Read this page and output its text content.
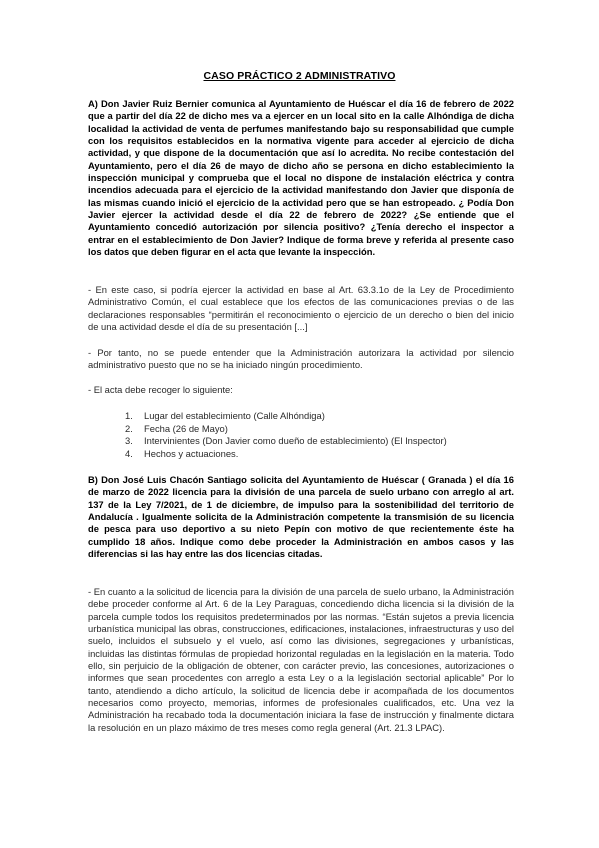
CASO PRÁCTICO 2 ADMINISTRATIVO

A) Don Javier Ruiz Bernier comunica al Ayuntamiento de Huéscar el día 16 de febrero de 2022 que a partir del día 22 de dicho mes va a ejercer en un local sito en la calle Alhóndiga de dicha localidad la actividad de venta de perfumes manifestando bajo su responsabilidad que cumple con los requisitos establecidos en la normativa vigente para acceder al ejercicio de dicha actividad, y que dispone de la documentación que así lo acredita. No recibe contestación del Ayuntamiento, pero el día 26 de mayo de dicho año se persona en dicho establecimiento la inspección municipal y comprueba que el local no dispone de instalación eléctrica y contra incendios adecuada para el ejercicio de la actividad manifestando don Javier que disponía de las mismas cuando inició el ejercicio de la actividad pero que se han estropeado. ¿ Podía Don Javier ejercer la actividad desde el día 22 de febrero de 2022? ¿Se entiende que el Ayuntamiento concedió autorización por silencia positivo? ¿Tenía derecho el inspector a entrar en el establecimiento de Don Javier? Indique de forma breve y referida al presente caso los datos que deben figurar en el acta que levante la inspección.

- En este caso, si podría ejercer la actividad en base al Art. 63.3.1o de la Ley de Procedimiento Administrativo Común, el cual establece que los efectos de las comunicaciones previas o de las declaraciones responsables “permitirán el reconocimiento o ejercicio de un derecho o bien del inicio de una actividad desde el día de su presentación [...]

- Por tanto, no se puede entender que la Administración autorizara la actividad por silencio administrativo puesto que no se ha iniciado ningún procedimiento.

- El acta debe recoger lo siguiente:

1. Lugar del establecimiento (Calle Alhóndiga)
2. Fecha (26 de Mayo)
3. Intervinientes (Don Javier como dueño de establecimiento) (El Inspector)
4. Hechos y actuaciones.

B) Don José Luis Chacón Santiago solicita del Ayuntamiento de Huéscar ( Granada ) el día 16 de marzo de 2022 licencia para la división de una parcela de suelo urbano con arreglo al art. 137 de la Ley 7/2021, de 1 de diciembre, de impulso para la sostenibilidad del territorio de Andalucía . Igualmente solicita de la Administración competente la transmisión de su licencia de pesca para uso deportivo a su nieto Pepín con motivo de que recientemente éste ha cumplido 18 años. Indique como debe proceder la Administración en ambos casos y las diferencias si las hay entre las dos licencias citadas.

- En cuanto a la solicitud de licencia para la división de una parcela de suelo urbano, la Administración debe proceder conforme al Art. 6 de la Ley Paraguas, concediendo dicha licencia si la división de la parcela cumple todos los requisitos predeterminados por las normas. “Están sujetos a previa licencia urbanística municipal las obras, construcciones, edificaciones, instalaciones, infraestructuras y uso del suelo, incluidos el subsuelo y el vuelo, así como las divisiones, segregaciones y urbanísticas, incluidas las distintas fórmulas de propiedad horizontal reguladas en la legislación en la materia. Todo ello, sin perjuicio de la obligación de obtener, con carácter previo, las concesiones, autorizaciones o informes que sean procedentes con arreglo a esta Ley o a la legislación sectorial aplicable” Por lo tanto, atendiendo a dicho artículo, la solicitud de licencia debe ir acompañada de los documentos necesarios como proyecto, memorias, informes de profesionales cualificados, etc. Una vez la Administración ha recabado toda la documentación iniciara la fase de instrucción y finalmente dictara la resolución en un plazo máximo de tres meses como regla general (Art. 21.3 LPAC).
